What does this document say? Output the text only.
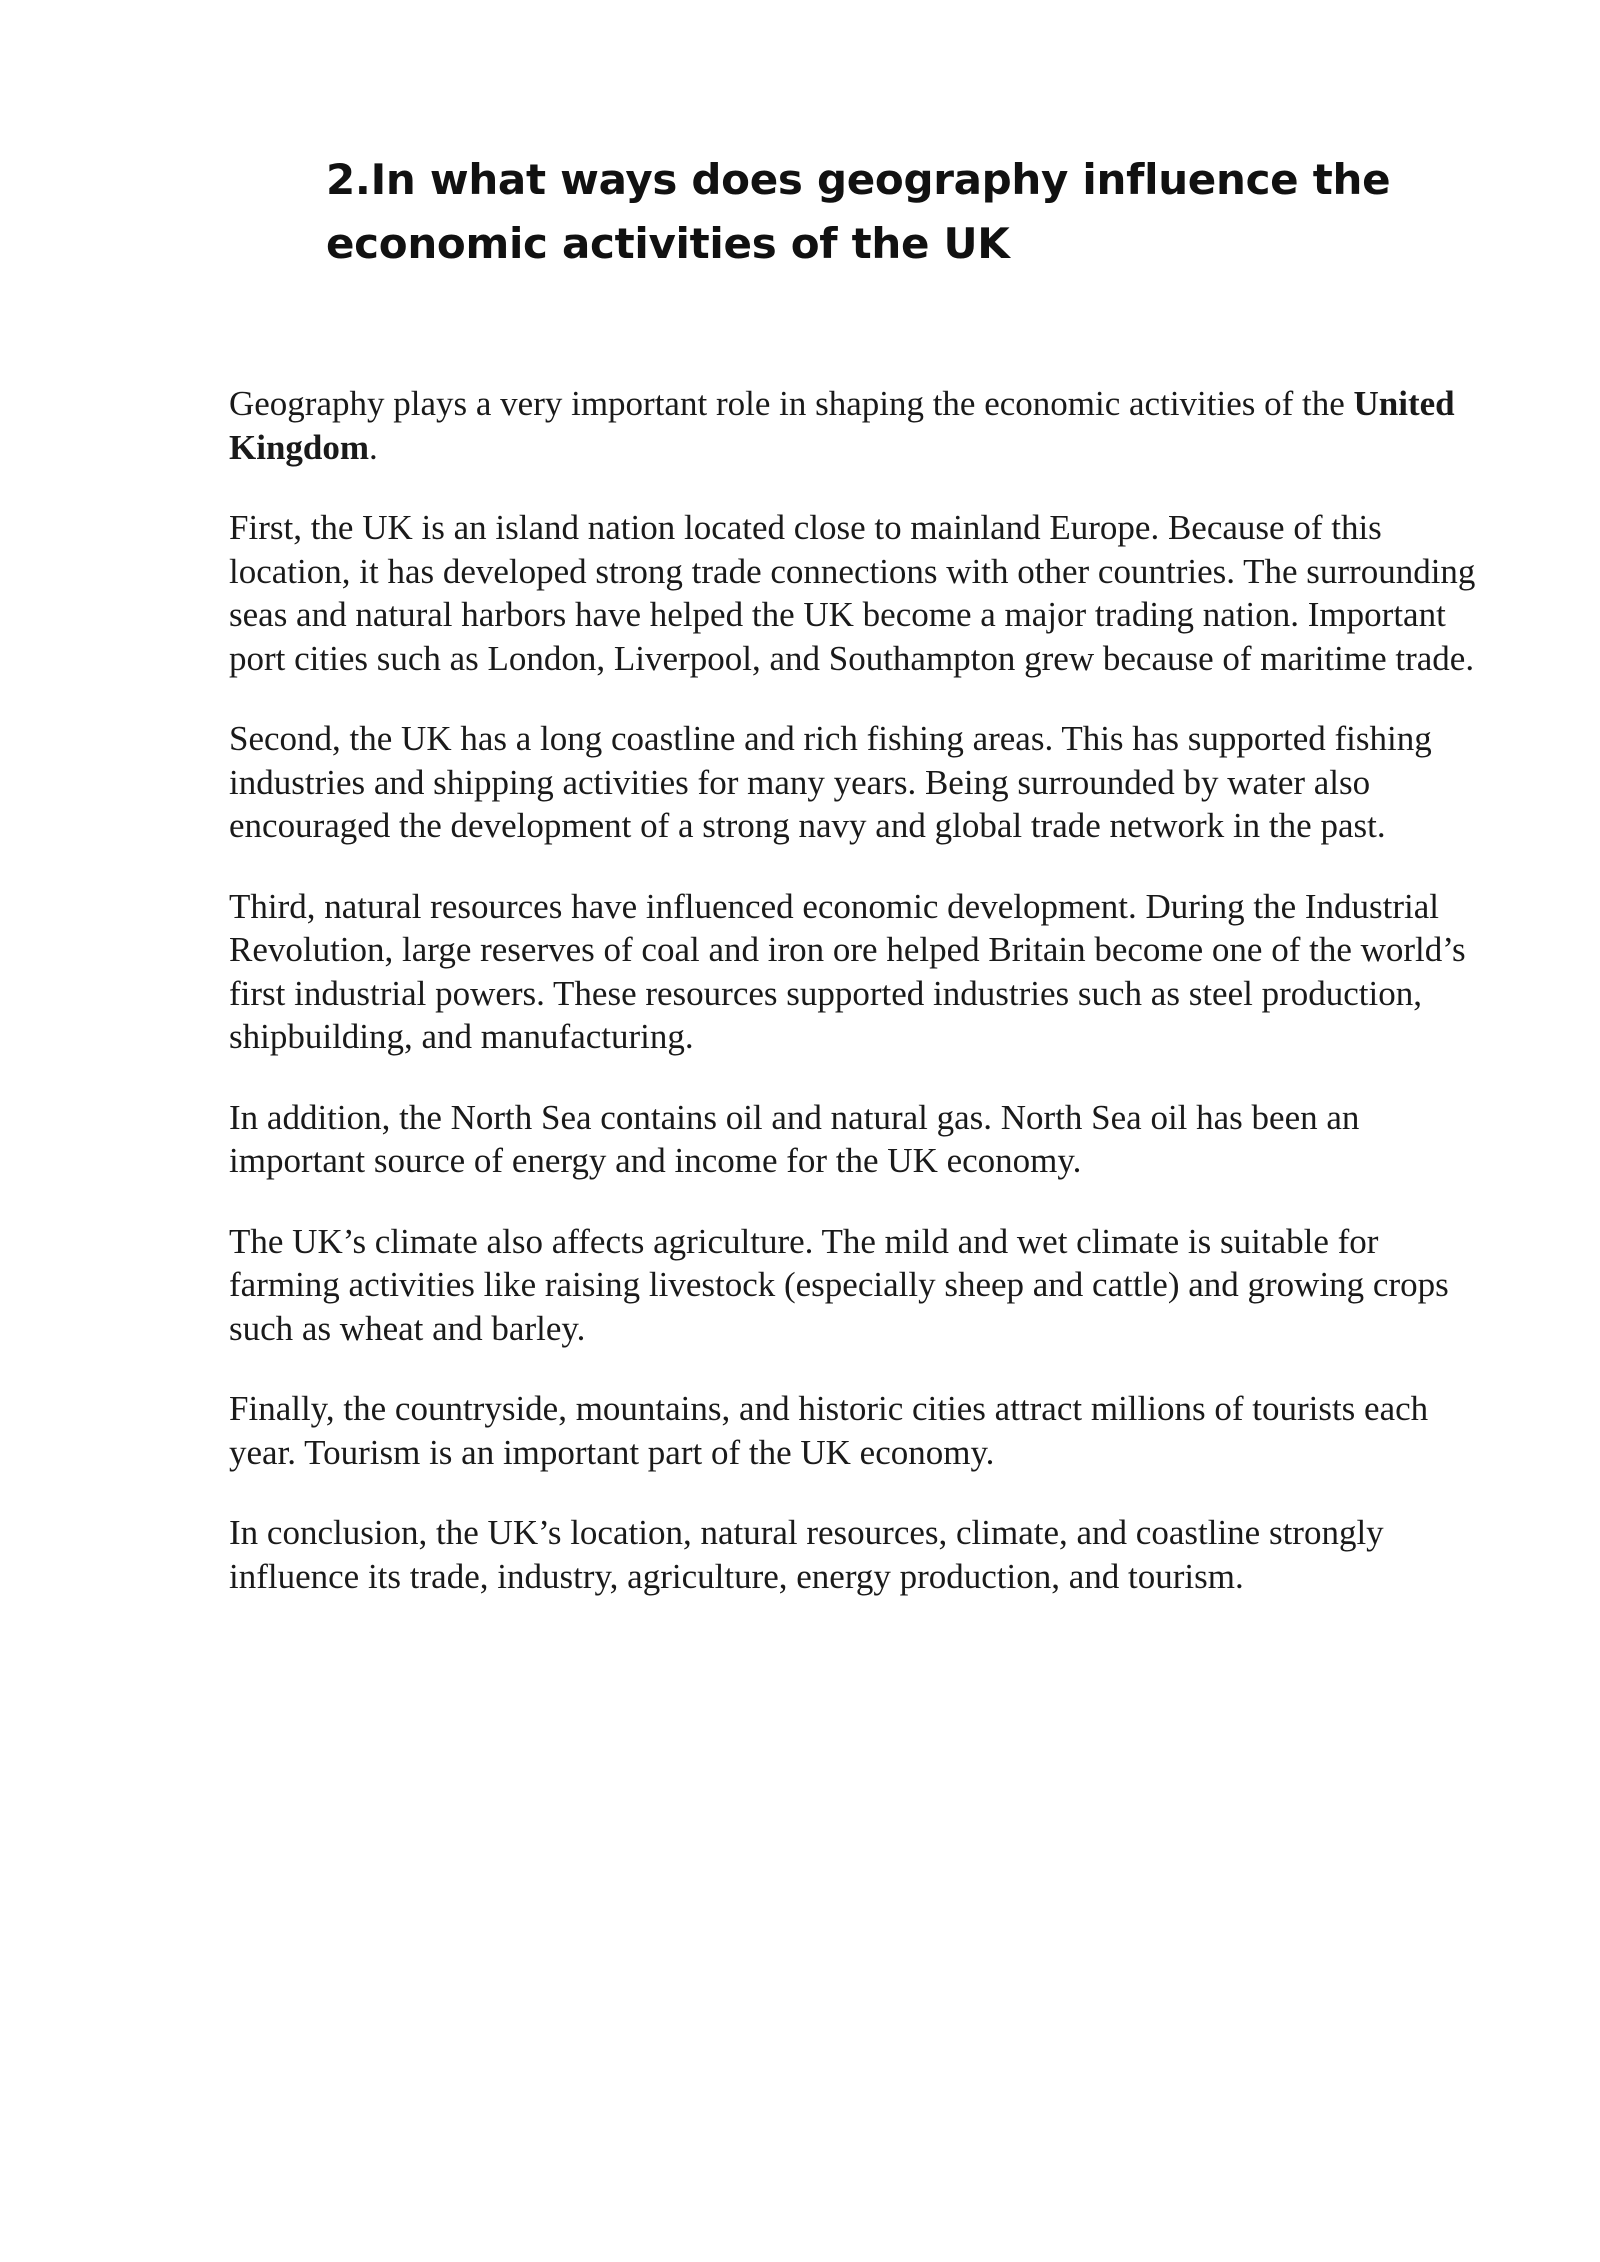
2.In what ways does geography influence the economic activities of the UK

Geography plays a very important role in shaping the economic activities of the United Kingdom.

First, the UK is an island nation located close to mainland Europe. Because of this location, it has developed strong trade connections with other countries. The surrounding seas and natural harbors have helped the UK become a major trading nation. Important port cities such as London, Liverpool, and Southampton grew because of maritime trade.

Second, the UK has a long coastline and rich fishing areas. This has supported fishing industries and shipping activities for many years. Being surrounded by water also encouraged the development of a strong navy and global trade network in the past.

Third, natural resources have influenced economic development. During the Industrial Revolution, large reserves of coal and iron ore helped Britain become one of the world’s first industrial powers. These resources supported industries such as steel production, shipbuilding, and manufacturing.

In addition, the North Sea contains oil and natural gas. North Sea oil has been an important source of energy and income for the UK economy.

The UK’s climate also affects agriculture. The mild and wet climate is suitable for farming activities like raising livestock (especially sheep and cattle) and growing crops such as wheat and barley.

Finally, the countryside, mountains, and historic cities attract millions of tourists each year. Tourism is an important part of the UK economy.

In conclusion, the UK’s location, natural resources, climate, and coastline strongly influence its trade, industry, agriculture, energy production, and tourism.
